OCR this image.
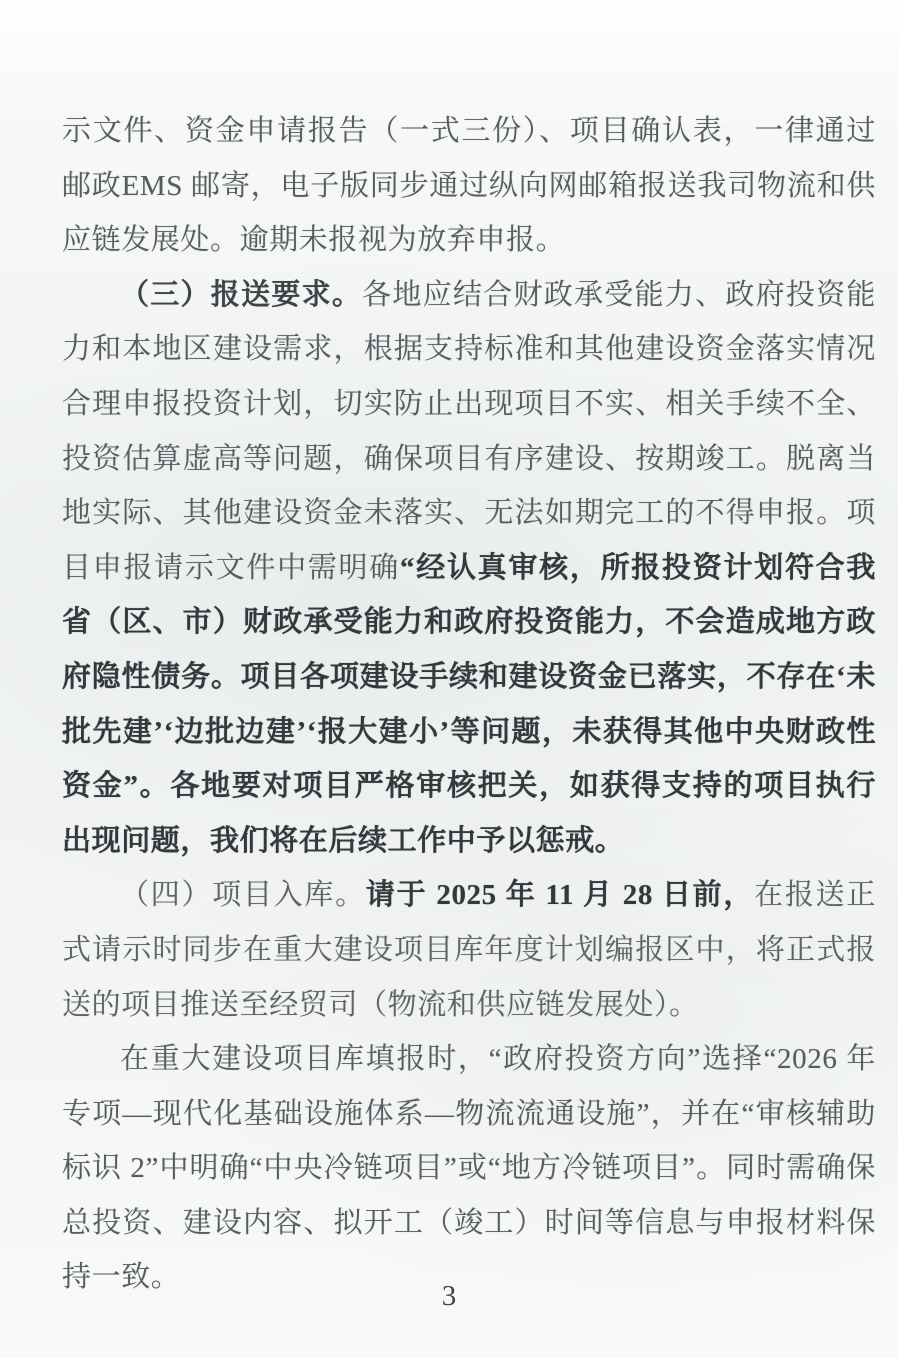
示文件、资金申请报告（一式三份）、项目确认表，一律通过邮政EMS 邮寄，电子版同步通过纵向网邮箱报送我司物流和供应链发展处。逾期未报视为放弃申报。

（三）报送要求。各地应结合财政承受能力、政府投资能力和本地区建设需求，根据支持标准和其他建设资金落实情况合理申报投资计划，切实防止出现项目不实、相关手续不全、投资估算虚高等问题，确保项目有序建设、按期竣工。脱离当地实际、其他建设资金未落实、无法如期完工的不得申报。项目申报请示文件中需明确“经认真审核，所报投资计划符合我省（区、市）财政承受能力和政府投资能力，不会造成地方政府隐性债务。项目各项建设手续和建设资金已落实，不存在‘未批先建’‘边批边建’‘报大建小’等问题，未获得其他中央财政性资金”。各地要对项目严格审核把关，如获得支持的项目执行出现问题，我们将在后续工作中予以惩戒。

（四）项目入库。请于 2025 年 11 月 28 日前，在报送正式请示时同步在重大建设项目库年度计划编报区中，将正式报送的项目推送至经贸司（物流和供应链发展处）。

在重大建设项目库填报时，“政府投资方向”选择“2026 年专项—现代化基础设施体系—物流流通设施”，并在“审核辅助标识 2”中明确“中央冷链项目”或“地方冷链项目”。同时需确保总投资、建设内容、拟开工（竣工）时间等信息与申报材料保持一致。

3
